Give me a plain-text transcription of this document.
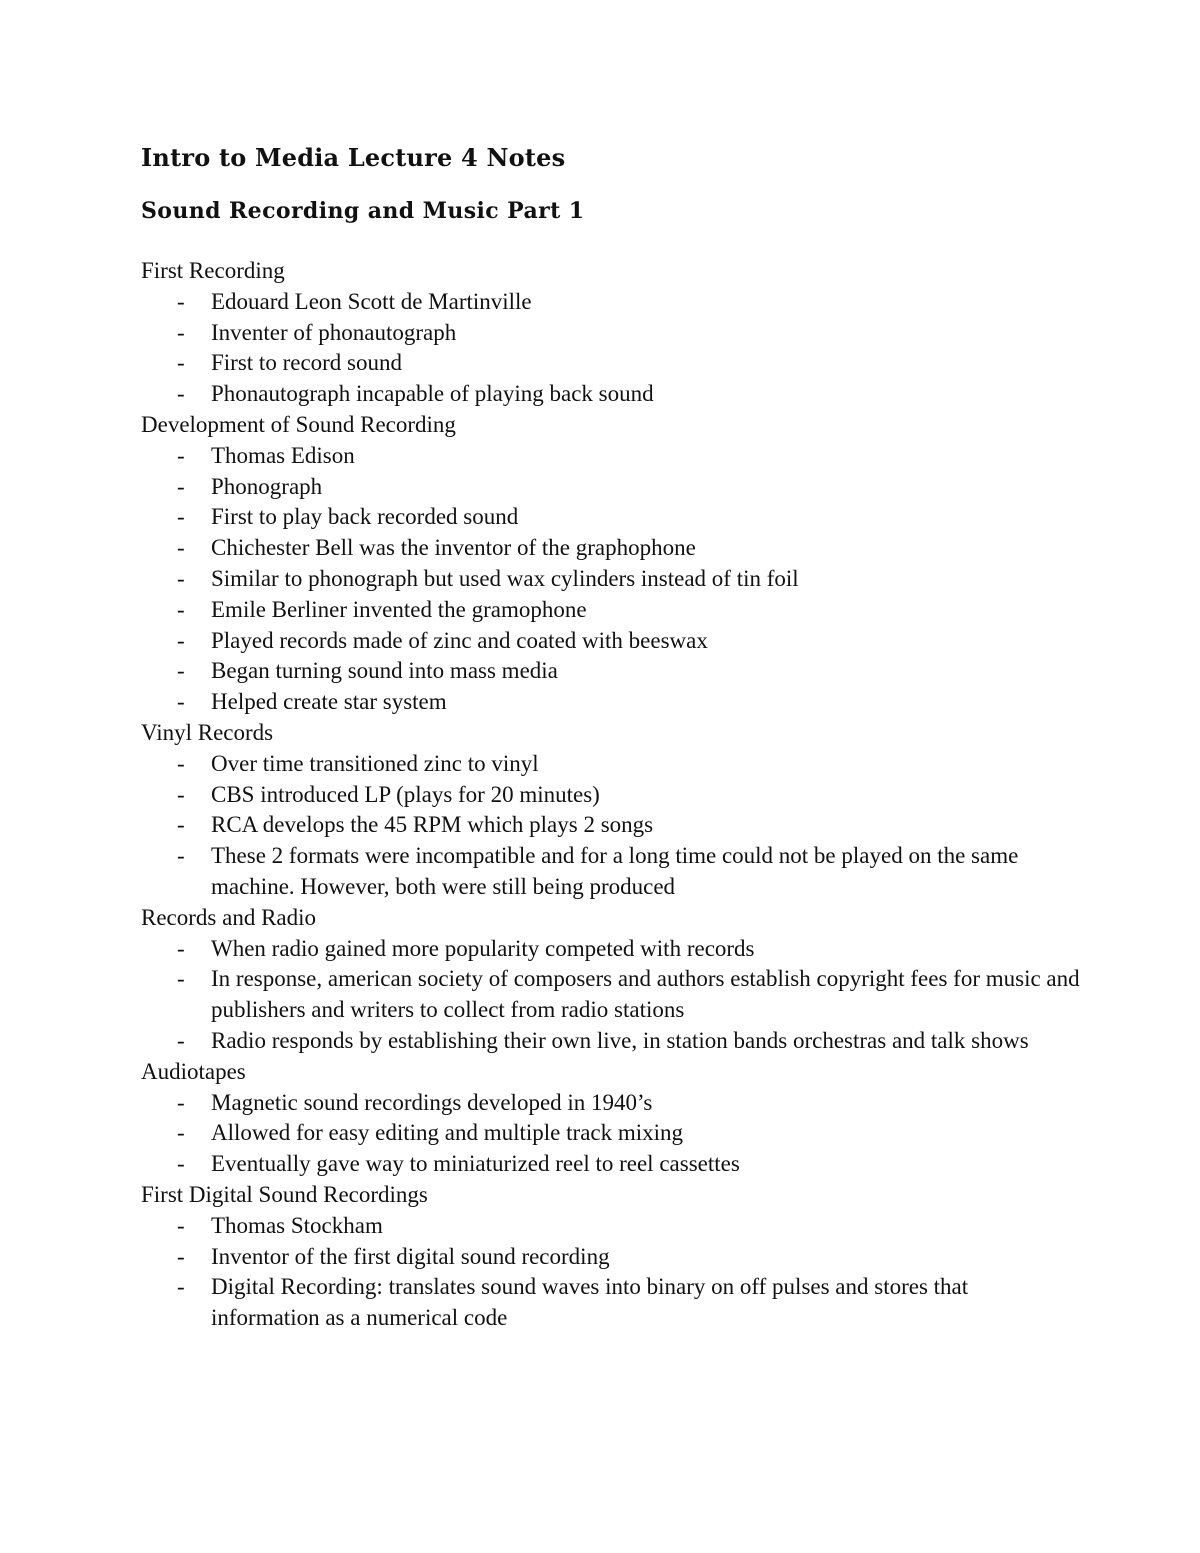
Intro to Media Lecture 4 Notes
Sound Recording and Music Part 1
First Recording
- Edouard Leon Scott de Martinville
- Inventer of phonautograph
- First to record sound
- Phonautograph incapable of playing back sound
Development of Sound Recording
- Thomas Edison
- Phonograph
- First to play back recorded sound
- Chichester Bell was the inventor of the graphophone
- Similar to phonograph but used wax cylinders instead of tin foil
- Emile Berliner invented the gramophone
- Played records made of zinc and coated with beeswax
- Began turning sound into mass media
- Helped create star system
Vinyl Records
- Over time transitioned zinc to vinyl
- CBS introduced LP (plays for 20 minutes)
- RCA develops the 45 RPM which plays 2 songs
- These 2 formats were incompatible and for a long time could not be played on the same machine. However, both were still being produced
Records and Radio
- When radio gained more popularity competed with records
- In response, american society of composers and authors establish copyright fees for music and publishers and writers to collect from radio stations
- Radio responds by establishing their own live, in station bands orchestras and talk shows
Audiotapes
- Magnetic sound recordings developed in 1940’s
- Allowed for easy editing and multiple track mixing
- Eventually gave way to miniaturized reel to reel cassettes
First Digital Sound Recordings
- Thomas Stockham
- Inventor of the first digital sound recording
- Digital Recording: translates sound waves into binary on off pulses and stores that information as a numerical code
